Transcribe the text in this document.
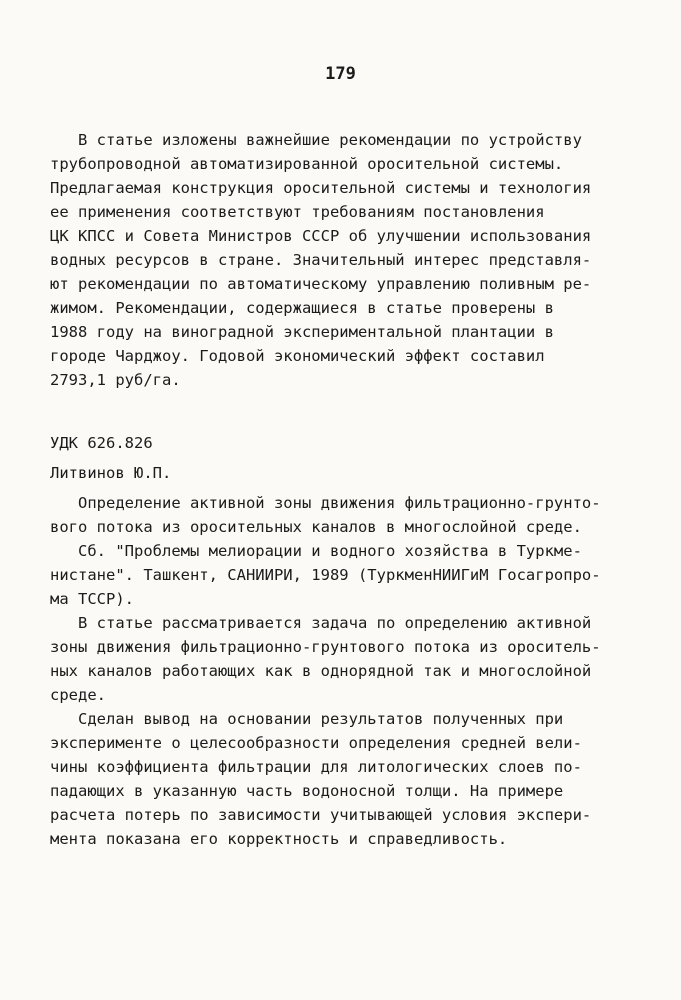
179
В статье изложены важнейшие рекомендации по устройству
трубопроводной автоматизированной оросительной системы.
Предлагаемая конструкция оросительной системы и технология
ее применения соответствуют требованиям постановления
ЦК КПСС и Совета Министров СССР об улучшении использования
водных ресурсов в стране. Значительный интерес представля-
ют рекомендации по автоматическому управлению поливным ре-
жимом. Рекомендации, содержащиеся в статье проверены в
1988 году на виноградной экспериментальной плантации в
городе Чарджоу. Годовой экономический эффект составил
2793,1 руб/га.
УДК 626.826
Литвинов Ю.П.
Определение активной зоны движения фильтрационно-грунто-
вого потока из оросительных каналов в многослойной среде.
Сб. "Проблемы мелиорации и водного хозяйства в Туркме-
нистане". Ташкент, САНИИРИ, 1989 (ТуркменНИИГиМ Госагропро-
ма ТССР).
В статье рассматривается задача по определению активной
зоны движения фильтрационно-грунтового потока из ороситель-
ных каналов работающих как в однорядной так и многослойной
среде.
Сделан вывод на основании результатов полученных при
эксперименте о целесообразности определения средней вели-
чины коэффициента фильтрации для литологических слоев по-
падающих в указанную часть водоносной толщи. На примере
расчета потерь по зависимости учитывающей условия экспери-
мента показана его корректность и справедливость.
